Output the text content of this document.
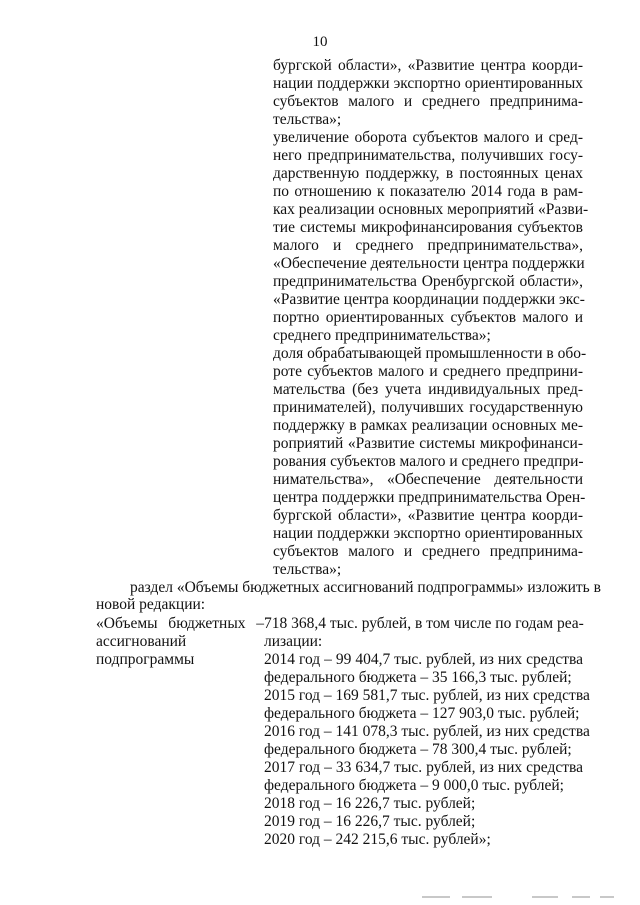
10
бургской области», «Развитие центра коорди-
нации поддержки экспортно ориентированных
субъектов малого и среднего предпринима-
тельства»;
увеличение оборота субъектов малого и сред-
него предпринимательства, получивших госу-
дарственную поддержку, в постоянных ценах
по отношению к показателю 2014 года в рам-
ках реализации основных мероприятий «Разви-
тие системы микрофинансирования субъектов
малого и среднего предпринимательства»,
«Обеспечение деятельности центра поддержки
предпринимательства Оренбургской области»,
«Развитие центра координации поддержки экс-
портно ориентированных субъектов малого и
среднего предпринимательства»;
доля обрабатывающей промышленности в обо-
роте субъектов малого и среднего предприни-
мательства (без учета индивидуальных пред-
принимателей), получивших государственную
поддержку в рамках реализации основных ме-
роприятий «Развитие системы микрофинанси-
рования субъектов малого и среднего предпри-
нимательства», «Обеспечение деятельности
центра поддержки предпринимательства Орен-
бургской области», «Развитие центра коорди-
нации поддержки экспортно ориентированных
субъектов малого и среднего предпринима-
тельства»;
раздел «Объемы бюджетных ассигнований подпрограммы» изложить в
новой редакции:
«Объемы бюджетных –
ассигнований
подпрограммы
718 368,4 тыс. рублей, в том числе по годам реа-
лизации:
2014 год – 99 404,7 тыс. рублей, из них средства
федерального бюджета – 35 166,3 тыс. рублей;
2015 год – 169 581,7 тыс. рублей, из них средства
федерального бюджета – 127 903,0 тыс. рублей;
2016 год – 141 078,3 тыс. рублей, из них средства
федерального бюджета – 78 300,4 тыс. рублей;
2017 год – 33 634,7 тыс. рублей, из них средства
федерального бюджета – 9 000,0 тыс. рублей;
2018 год – 16 226,7 тыс. рублей;
2019 год – 16 226,7 тыс. рублей;
2020 год – 242 215,6 тыс. рублей»;
